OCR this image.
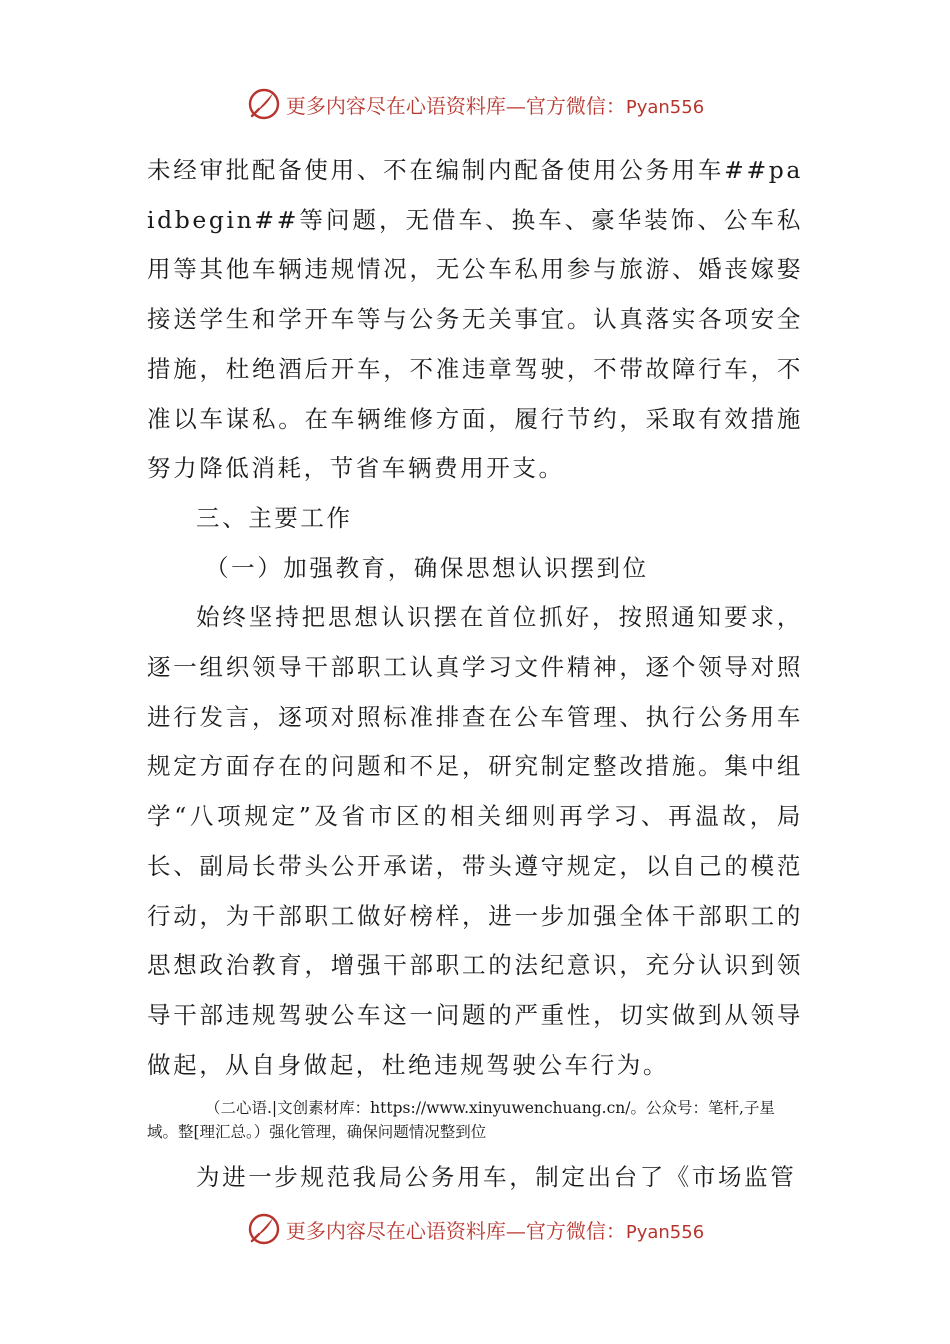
更多内容尽在心语资料库—官方微信：Pyan556

未经审批配备使用、不在编制内配备使用公务用车##paidbegin##等问题，无借车、换车、豪华装饰、公车私用等其他车辆违规情况，无公车私用参与旅游、婚丧嫁娶接送学生和学开车等与公务无关事宜。认真落实各项安全措施，杜绝酒后开车，不准违章驾驶，不带故障行车，不准以车谋私。在车辆维修方面，履行节约，采取有效措施努力降低消耗，节省车辆费用开支。

三、主要工作

（一）加强教育，确保思想认识摆到位

始终坚持把思想认识摆在首位抓好，按照通知要求，逐一组织领导干部职工认真学习文件精神，逐个领导对照进行发言，逐项对照标准排查在公车管理、执行公务用车规定方面存在的问题和不足，研究制定整改措施。集中组学“八项规定”及省市区的相关细则再学习、再温故，局长、副局长带头公开承诺，带头遵守规定，以自己的模范行动，为干部职工做好榜样，进一步加强全体干部职工的思想政治教育，增强干部职工的法纪意识，充分认识到领导干部违规驾驶公车这一问题的严重性，切实做到从领导做起，从自身做起，杜绝违规驾驶公车行为。

（二心语.|文创素材库：https://www.xinyuwenchuang.cn/。公众号：笔杆,子星域。整[理汇总。）强化管理，确保问题情况整到位

为进一步规范我局公务用车，制定出台了《市场监管

更多内容尽在心语资料库—官方微信：Pyan556
